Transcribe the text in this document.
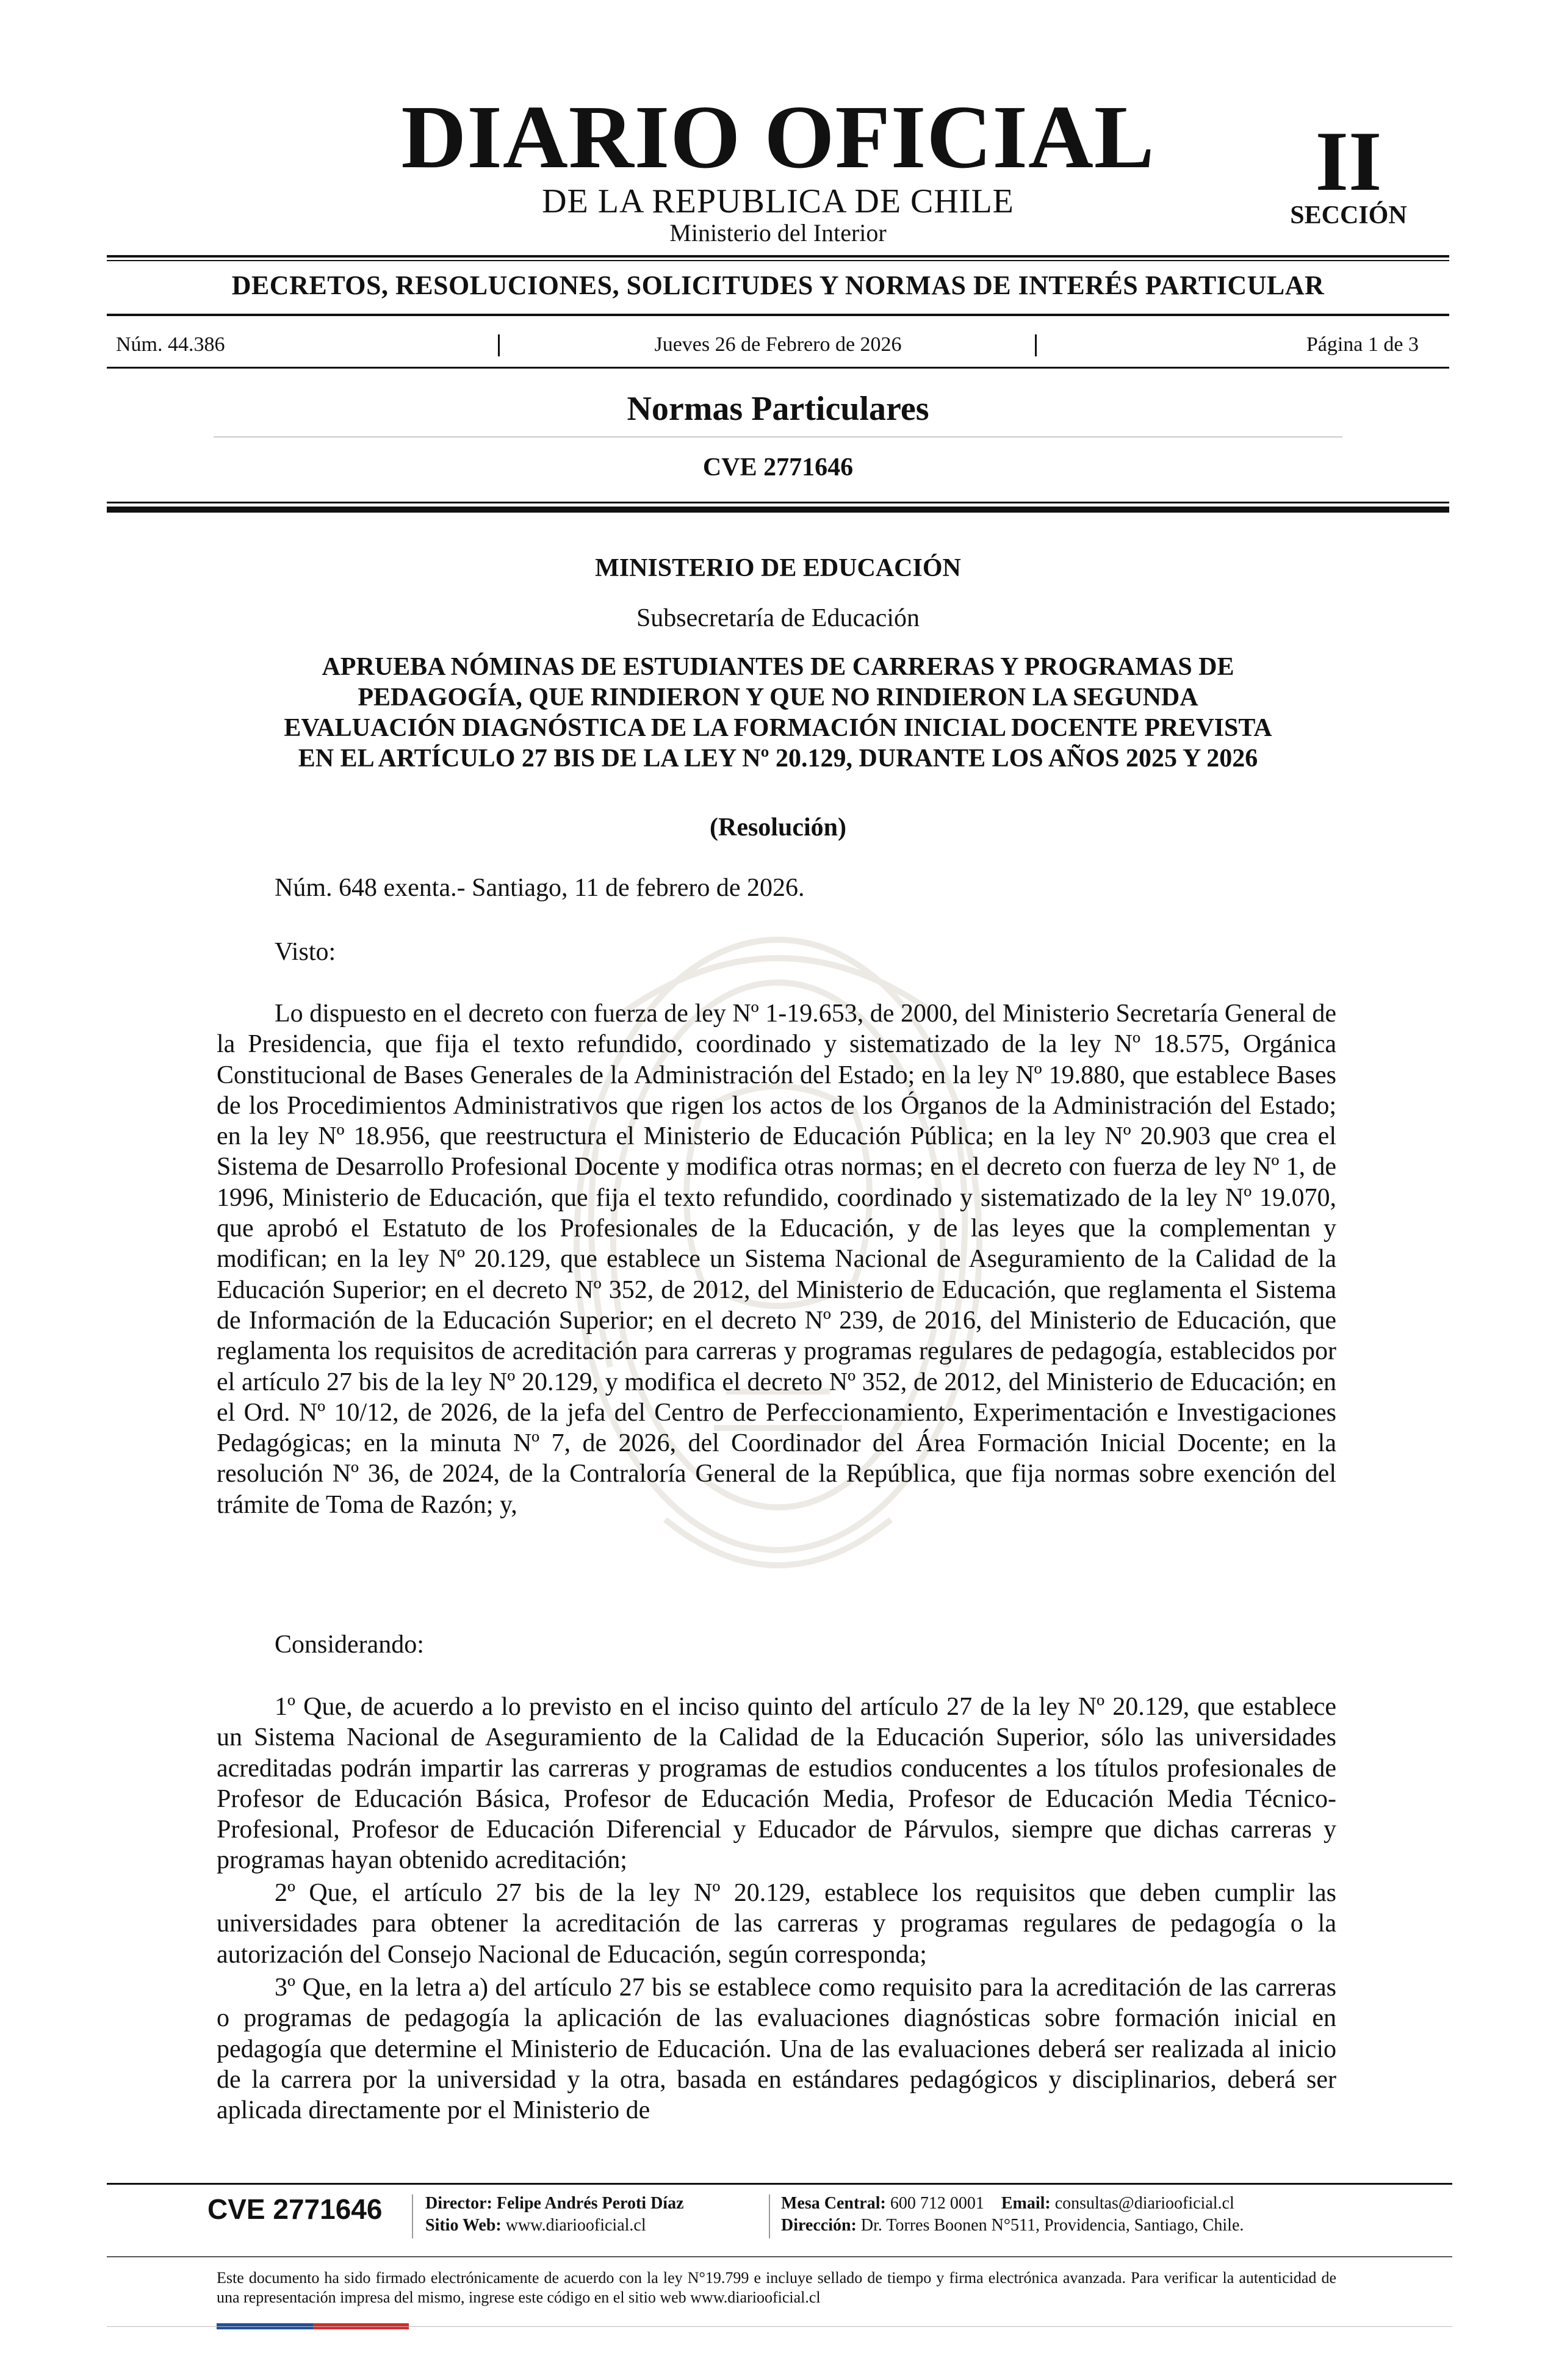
DIARIO OFICIAL
DE LA REPUBLICA DE CHILE
Ministerio del Interior
II
SECCIÓN
DECRETOS, RESOLUCIONES, SOLICITUDES Y NORMAS DE INTERÉS PARTICULAR
Núm. 44.386	Jueves 26 de Febrero de 2026	Página 1 de 3
Normas Particulares
CVE 2771646
MINISTERIO DE EDUCACIÓN
Subsecretaría de Educación
APRUEBA NÓMINAS DE ESTUDIANTES DE CARRERAS Y PROGRAMAS DE
PEDAGOGÍA, QUE RINDIERON Y QUE NO RINDIERON LA SEGUNDA
EVALUACIÓN DIAGNÓSTICA DE LA FORMACIÓN INICIAL DOCENTE PREVISTA
EN EL ARTÍCULO 27 BIS DE LA LEY Nº 20.129, DURANTE LOS AÑOS 2025 Y 2026
(Resolución)
Núm. 648 exenta.- Santiago, 11 de febrero de 2026.
Visto:

Lo dispuesto en el decreto con fuerza de ley Nº 1-19.653, de 2000, del Ministerio Secretaría General de la Presidencia, que fija el texto refundido, coordinado y sistematizado de la ley Nº 18.575, Orgánica Constitucional de Bases Generales de la Administración del Estado; en la ley Nº 19.880, que establece Bases de los Procedimientos Administrativos que rigen los actos de los Órganos de la Administración del Estado; en la ley Nº 18.956, que reestructura el Ministerio de Educación Pública; en la ley Nº 20.903 que crea el Sistema de Desarrollo Profesional Docente y modifica otras normas; en el decreto con fuerza de ley Nº 1, de 1996, Ministerio de Educación, que fija el texto refundido, coordinado y sistematizado de la ley Nº 19.070, que aprobó el Estatuto de los Profesionales de la Educación, y de las leyes que la complementan y modifican; en la ley Nº 20.129, que establece un Sistema Nacional de Aseguramiento de la Calidad de la Educación Superior; en el decreto Nº 352, de 2012, del Ministerio de Educación, que reglamenta el Sistema de Información de la Educación Superior; en el decreto Nº 239, de 2016, del Ministerio de Educación, que reglamenta los requisitos de acreditación para carreras y programas regulares de pedagogía, establecidos por el artículo 27 bis de la ley Nº 20.129, y modifica el decreto Nº 352, de 2012, del Ministerio de Educación; en el Ord. Nº 10/12, de 2026, de la jefa del Centro de Perfeccionamiento, Experimentación e Investigaciones Pedagógicas; en la minuta Nº 7, de 2026, del Coordinador del Área Formación Inicial Docente; en la resolución Nº 36, de 2024, de la Contraloría General de la República, que fija normas sobre exención del trámite de Toma de Razón; y,

Considerando:

1º Que, de acuerdo a lo previsto en el inciso quinto del artículo 27 de la ley Nº 20.129, que establece un Sistema Nacional de Aseguramiento de la Calidad de la Educación Superior, sólo las universidades acreditadas podrán impartir las carreras y programas de estudios conducentes a los títulos profesionales de Profesor de Educación Básica, Profesor de Educación Media, Profesor de Educación Media Técnico-Profesional, Profesor de Educación Diferencial y Educador de Párvulos, siempre que dichas carreras y programas hayan obtenido acreditación;

2º Que, el artículo 27 bis de la ley Nº 20.129, establece los requisitos que deben cumplir las universidades para obtener la acreditación de las carreras y programas regulares de pedagogía o la autorización del Consejo Nacional de Educación, según corresponda;

3º Que, en la letra a) del artículo 27 bis se establece como requisito para la acreditación de las carreras o programas de pedagogía la aplicación de las evaluaciones diagnósticas sobre formación inicial en pedagogía que determine el Ministerio de Educación. Una de las evaluaciones deberá ser realizada al inicio de la carrera por la universidad y la otra, basada en estándares pedagógicos y disciplinarios, deberá ser aplicada directamente por el Ministerio de

CVE 2771646	Director: Felipe Andrés Peroti Díaz
Sitio Web: www.diariooficial.cl
Mesa Central: 600 712 0001 Email: consultas@diariooficial.cl
Dirección: Dr. Torres Boonen N°511, Providencia, Santiago, Chile.
Este documento ha sido firmado electrónicamente de acuerdo con la ley N°19.799 e incluye sellado de tiempo y firma electrónica avanzada. Para verificar la autenticidad de una representación impresa del mismo, ingrese este código en el sitio web www.diariooficial.cl
